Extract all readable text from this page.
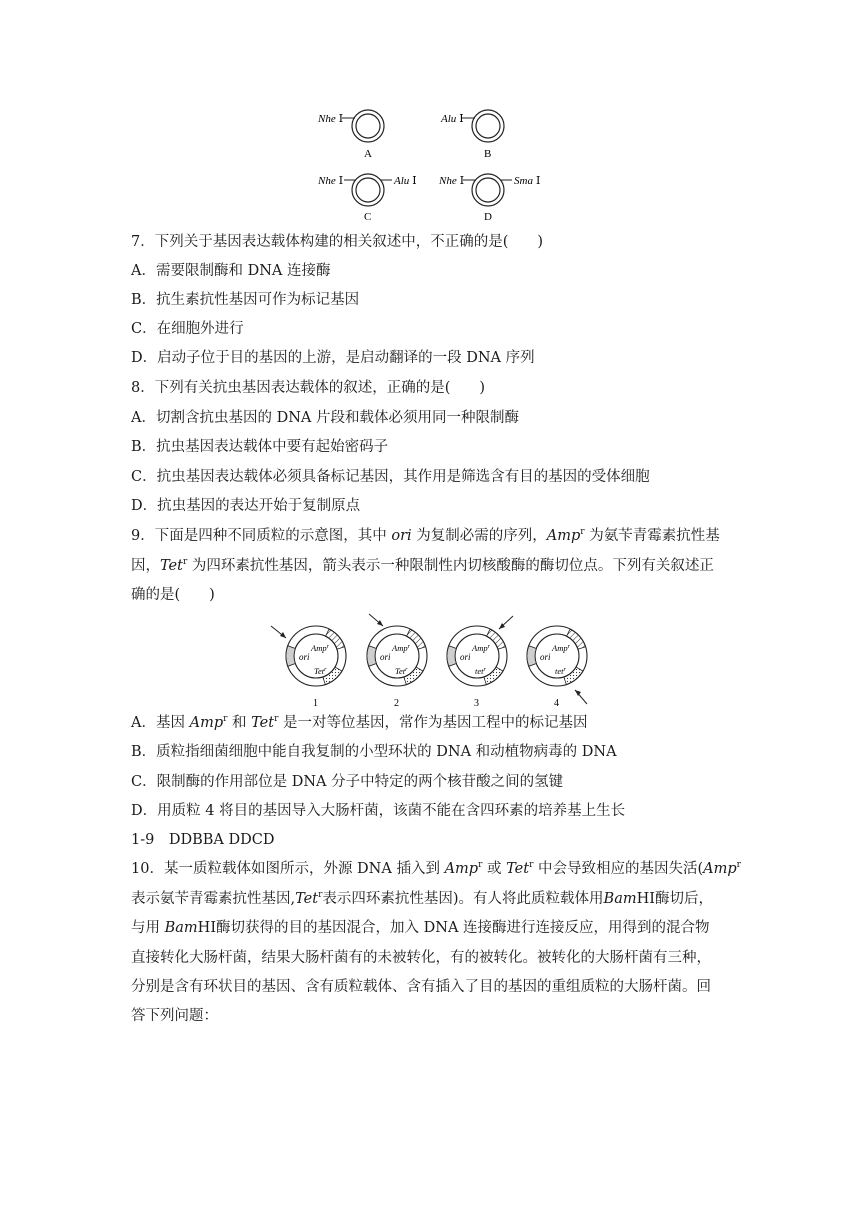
Nhe Ⅰ
A
Alu Ⅰ
B
Nhe Ⅰ	Alu Ⅰ
C
Nhe Ⅰ	Sma Ⅰ
D
7．下列关于基因表达载体构建的相关叙述中，不正确的是(　　)
A．需要限制酶和 DNA 连接酶
B．抗生素抗性基因可作为标记基因
C．在细胞外进行
D．启动子位于目的基因的上游，是启动翻译的一段 DNA 序列
8．下列有关抗虫基因表达载体的叙述，正确的是(　　)
A．切割含抗虫基因的 DNA 片段和载体必须用同一种限制酶
B．抗虫基因表达载体中要有起始密码子
C．抗虫基因表达载体必须具备标记基因，其作用是筛选含有目的基因的受体细胞
D．抗虫基因的表达开始于复制原点
9．下面是四种不同质粒的示意图，其中 ori 为复制必需的序列，Amp$^r$ 为氨苄青霉素抗性基
因，Tet$^r$ 为四环素抗性基因，箭头表示一种限制性内切核酸酶的酶切位点。下列有关叙述正
确的是(　　)
ori
Amp$^r$
Tet$^r$
1
ori
Amp$^r$
Tet$^r$
2
ori
Amp$^r$
tet$^r$
3
ori
Amp$^r$
tet$^r$
4
A．基因 Amp$^r$ 和 Tet$^r$ 是一对等位基因，常作为基因工程中的标记基因
B．质粒指细菌细胞中能自我复制的小型环状的 DNA 和动植物病毒的 DNA
C．限制酶的作用部位是 DNA 分子中特定的两个核苷酸之间的氢键
D．用质粒 4 将目的基因导入大肠杆菌，该菌不能在含四环素的培养基上生长
1-9　DDBBA DDCD
10．某一质粒载体如图所示，外源 DNA 插入到 Amp$^r$ 或 Tet$^r$ 中会导致相应的基因失活(Amp$^r$
表示氨苄青霉素抗性基因,Tet$^r$表示四环素抗性基因)。有人将此质粒载体用BamHⅠ酶切后，
与用 BamHⅠ酶切获得的目的基因混合，加入 DNA 连接酶进行连接反应，用得到的混合物
直接转化大肠杆菌，结果大肠杆菌有的未被转化，有的被转化。被转化的大肠杆菌有三种，
分别是含有环状目的基因、含有质粒载体、含有插入了目的基因的重组质粒的大肠杆菌。回
答下列问题：
